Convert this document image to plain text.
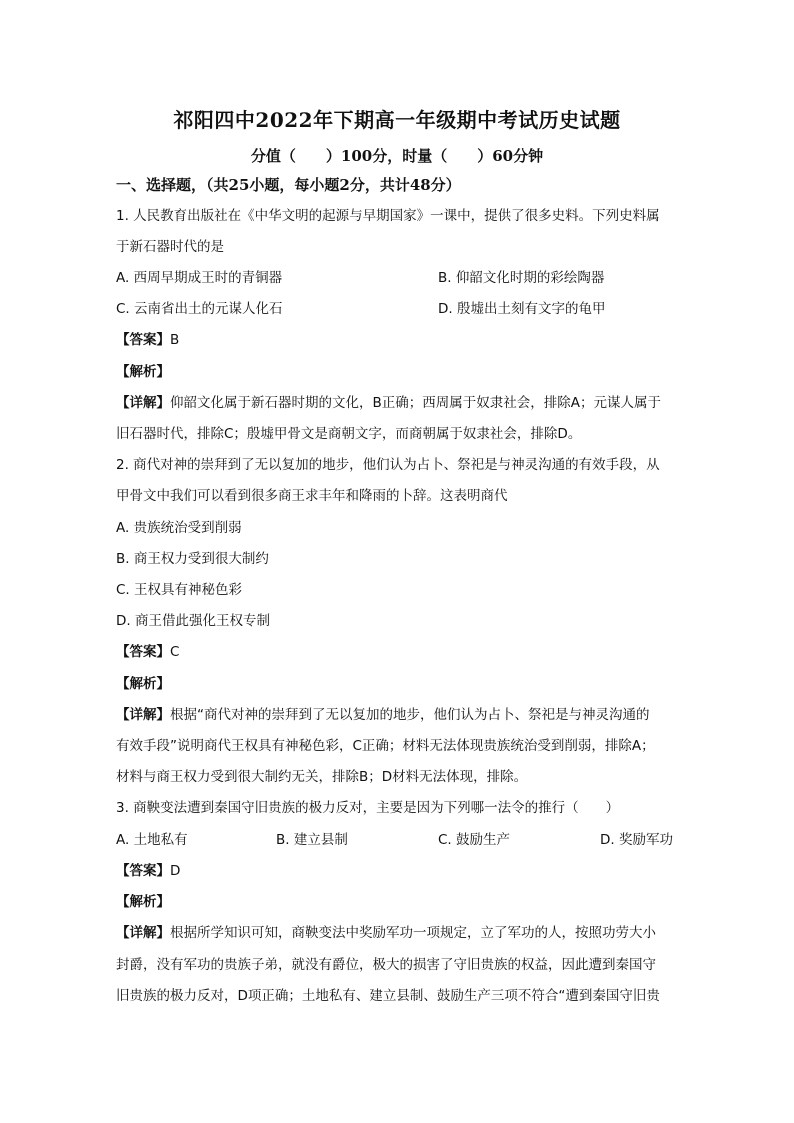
祁阳四中2022年下期高一年级期中考试历史试题
分值（　　）100分，时量（　　）60分钟
一、选择题，（共25小题，每小题2分，共计48分）
1. 人民教育出版社在《中华文明的起源与早期国家》一课中，提供了很多史料。下列史料属
于新石器时代的是
A. 西周早期成王时的青铜器	B. 仰韶文化时期的彩绘陶器
C. 云南省出土的元谋人化石	D. 殷墟出土刻有文字的龟甲
【答案】B
【解析】
【详解】仰韶文化属于新石器时期的文化，B正确；西周属于奴隶社会，排除A；元谋人属于
旧石器时代，排除C；殷墟甲骨文是商朝文字，而商朝属于奴隶社会，排除D。
2. 商代对神的崇拜到了无以复加的地步，他们认为占卜、祭祀是与神灵沟通的有效手段，从
甲骨文中我们可以看到很多商王求丰年和降雨的卜辞。这表明商代
A. 贵族统治受到削弱
B. 商王权力受到很大制约
C. 王权具有神秘色彩
D. 商王借此强化王权专制
【答案】C
【解析】
【详解】根据“商代对神的崇拜到了无以复加的地步，他们认为占卜、祭祀是与神灵沟通的
有效手段”说明商代王权具有神秘色彩，C正确；材料无法体现贵族统治受到削弱，排除A；
材料与商王权力受到很大制约无关，排除B；D材料无法体现，排除。
3. 商鞅变法遭到秦国守旧贵族的极力反对，主要是因为下列哪一法令的推行（　　）
A. 土地私有	B. 建立县制	C. 鼓励生产	D. 奖励军功
【答案】D
【解析】
【详解】根据所学知识可知，商鞅变法中奖励军功一项规定，立了军功的人，按照功劳大小
封爵，没有军功的贵族子弟，就没有爵位，极大的损害了守旧贵族的权益，因此遭到秦国守
旧贵族的极力反对，D项正确；土地私有、建立县制、鼓励生产三项不符合“遭到秦国守旧贵
